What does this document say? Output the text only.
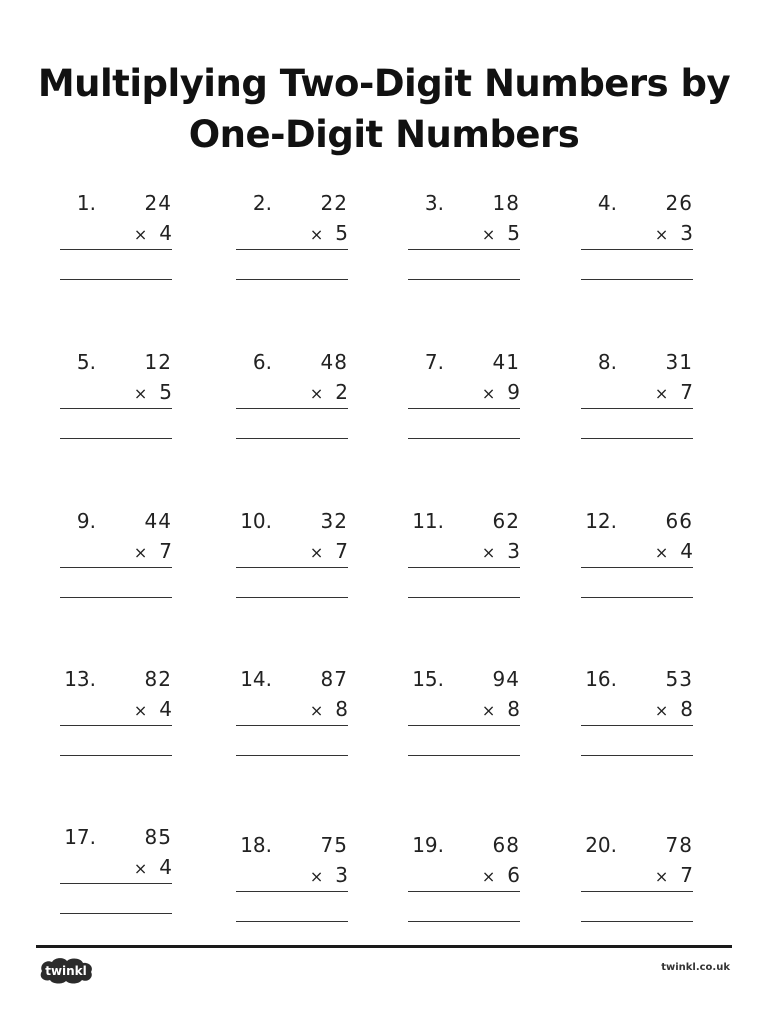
Multiplying Two-Digit Numbers by
One-Digit Numbers
1. 24
× 4
2. 22
× 5
3. 18
× 5
4. 26
× 3
5. 12
× 5
6. 48
× 2
7. 41
× 9
8. 31
× 7
9. 44
× 7
10. 32
× 7
11. 62
× 3
12. 66
× 4
13. 82
× 4
14. 87
× 8
15. 94
× 8
16. 53
× 8
17. 85
× 4
18. 75
× 3
19. 68
× 6
20. 78
× 7
twinkl	twinkl.co.uk
